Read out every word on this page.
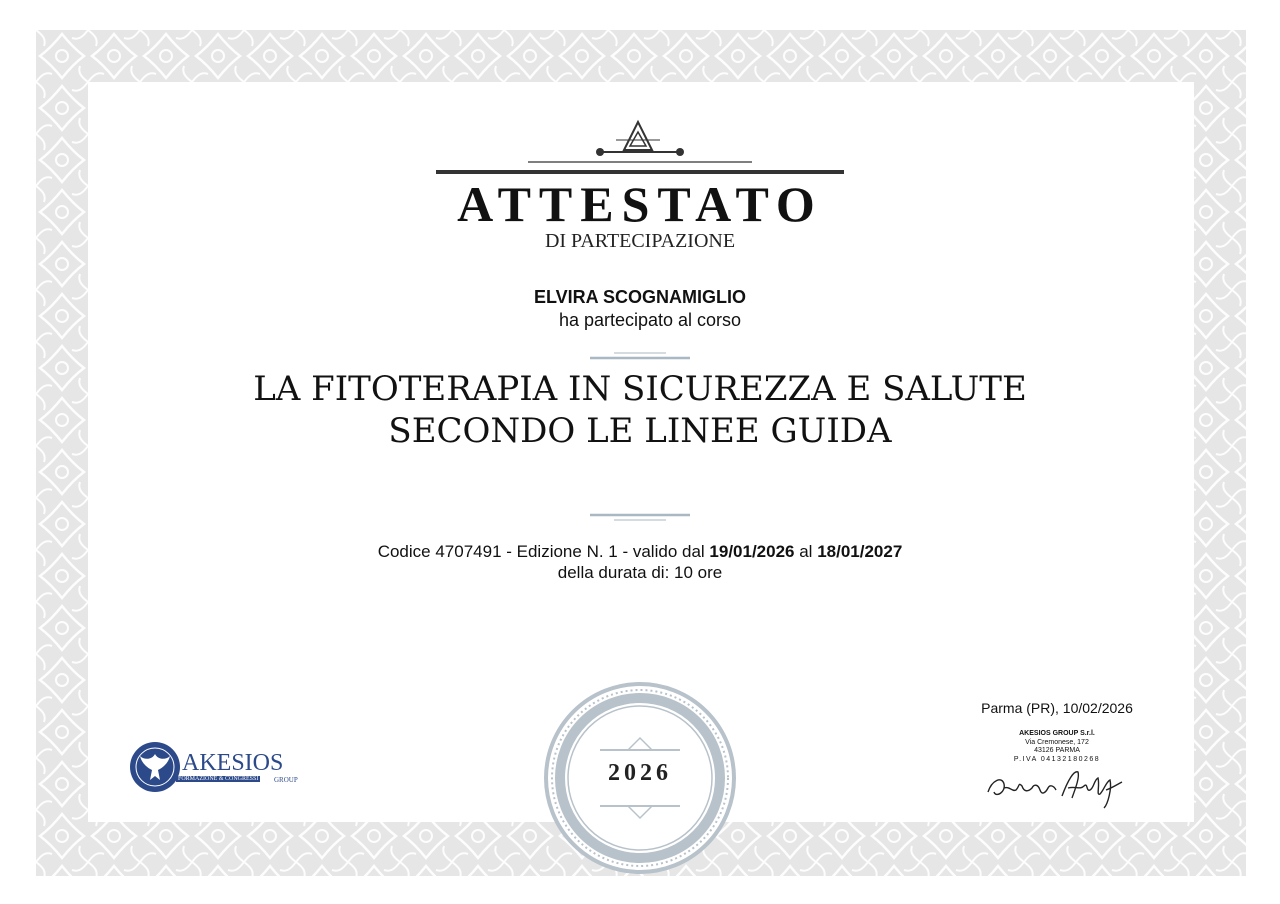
ATTESTATO
DI PARTECIPAZIONE
ELVIRA SCOGNAMIGLIO
ha partecipato al corso
LA FITOTERAPIA IN SICUREZZA E SALUTE
SECONDO LE LINEE GUIDA
Codice 4707491 - Edizione N. 1 - valido dal 19/01/2026 al 18/01/2027
della durata di: 10 ore
2026
AKESIOS
FORMAZIONE & CONGRESSI GROUP
Parma (PR), 10/02/2026
AKESIOS GROUP S.r.l.
Via Cremonese, 172
43126 PARMA
P.IVA 04132180268
